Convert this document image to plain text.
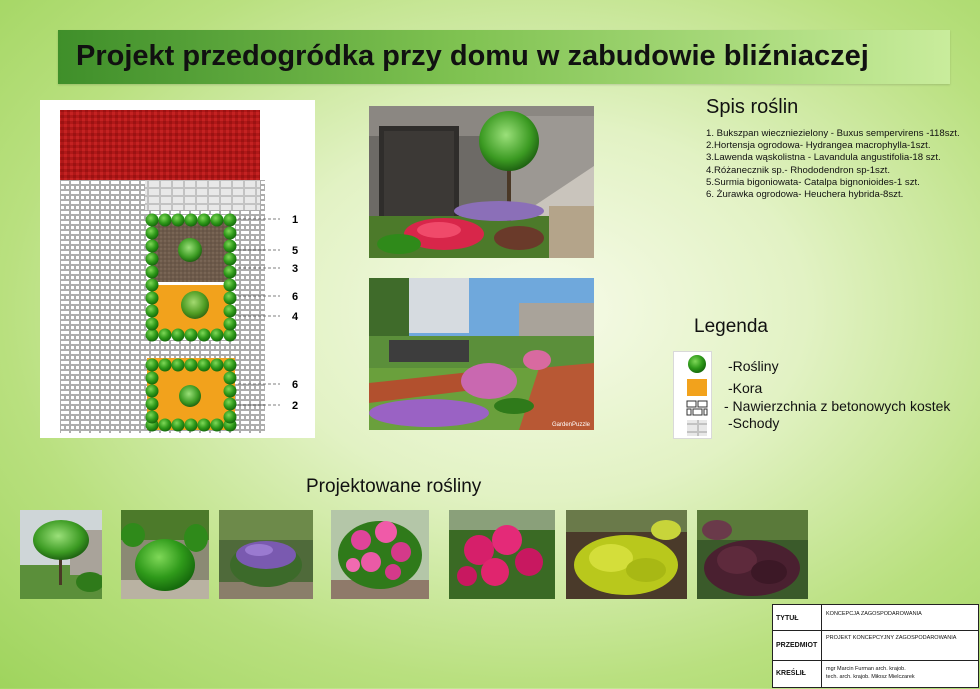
Projekt przedogródka przy domu w zabudowie bliźniaczej
1
5
3
6
4
6
2
GardenPuzzle
Spis roślin
1. Bukszpan wieczniezielony - Buxus sempervirens -118szt.
2.Hortensja ogrodowa- Hydrangea macrophylla-1szt.
3.Lawenda wąskolistna - Lavandula angustifolia-18 szt.
4.Różanecznik sp.- Rhododendron sp-1szt.
5.Surmia bigoniowata- Catalpa bignonioides-1 szt.
6. Żurawka ogrodowa- Heuchera hybrida-8szt.
Legenda
-Rośliny
-Kora
- Nawierzchnia z betonowych kostek
-Schody
Projektowane rośliny
TYTUŁ
KONCEPCJA ZAGOSPODAROWANIA
PRZEDMIOT
PROJEKT KONCEPCYJNY ZAGOSPODAROWANIA
KREŚLIŁ
mgr Marcin Furman arch. krajob.
tech. arch. krajob. Miłosz Mielczarek
